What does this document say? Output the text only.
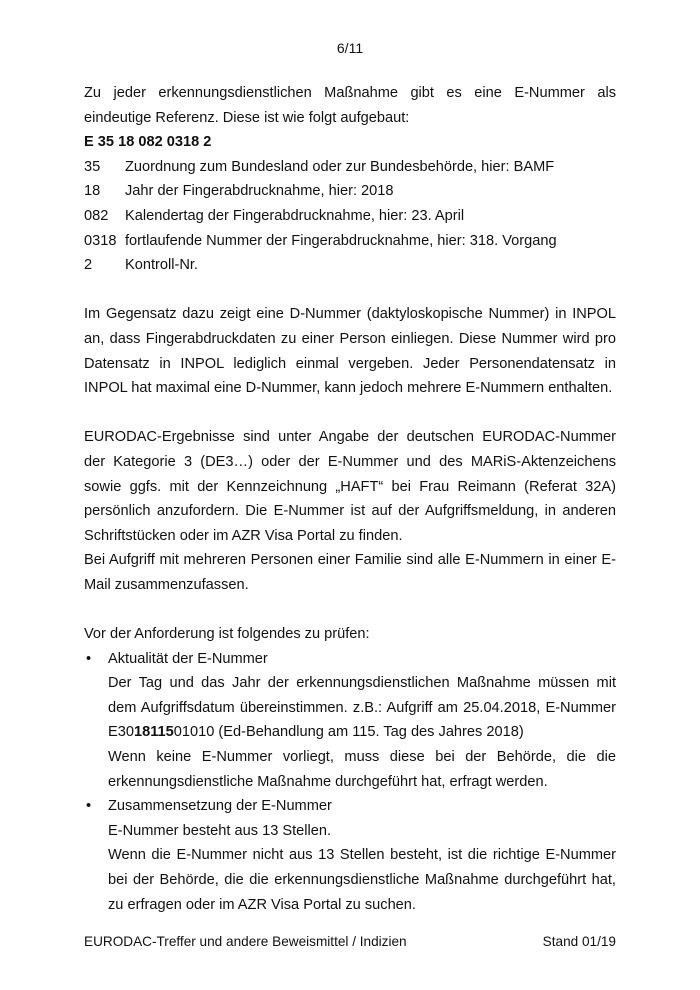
6/11

Zu jeder erkennungsdienstlichen Maßnahme gibt es eine E-Nummer als eindeutige Referenz. Diese ist wie folgt aufgebaut:

E 35 18 082 0318 2

35	Zuordnung zum Bundesland oder zur Bundesbehörde, hier: BAMF
18	Jahr der Fingerabdrucknahme, hier: 2018
082	Kalendertag der Fingerabdrucknahme, hier: 23. April
0318 fortlaufende Nummer der Fingerabdrucknahme, hier: 318. Vorgang
2	Kontroll-Nr.

Im Gegensatz dazu zeigt eine D-Nummer (daktyloskopische Nummer) in INPOL an, dass Fingerabdruckdaten zu einer Person einliegen. Diese Nummer wird pro Datensatz in INPOL lediglich einmal vergeben. Jeder Personendatensatz in INPOL hat maximal eine D-Nummer, kann jedoch mehrere E-Nummern enthalten.

EURODAC-Ergebnisse sind unter Angabe der deutschen EURODAC-Nummer der Kategorie 3 (DE3…) oder der E-Nummer und des MARiS-Aktenzeichens sowie ggfs. mit der Kennzeichnung „HAFT“ bei Frau Reimann (Referat 32A) persönlich anzufordern. Die E-Nummer ist auf der Aufgriffsmeldung, in anderen Schriftstücken oder im AZR Visa Portal zu finden.

Bei Aufgriff mit mehreren Personen einer Familie sind alle E-Nummern in einer E-Mail zusammenzufassen.

Vor der Anforderung ist folgendes zu prüfen:

•	Aktualität der E-Nummer

Der Tag und das Jahr der erkennungsdienstlichen Maßnahme müssen mit dem Aufgriffsdatum übereinstimmen. z.B.: Aufgriff am 25.04.2018, E-Nummer E301811501010 (Ed-Behandlung am 115. Tag des Jahres 2018)

Wenn keine E-Nummer vorliegt, muss diese bei der Behörde, die die erkennungsdienstliche Maßnahme durchgeführt hat, erfragt werden.

•	Zusammensetzung der E-Nummer

E-Nummer besteht aus 13 Stellen.

Wenn die E-Nummer nicht aus 13 Stellen besteht, ist die richtige E-Nummer bei der Behörde, die die erkennungsdienstliche Maßnahme durchgeführt hat, zu erfragen oder im AZR Visa Portal zu suchen.

EURODAC-Treffer und andere Beweismittel / Indizien	Stand 01/19
